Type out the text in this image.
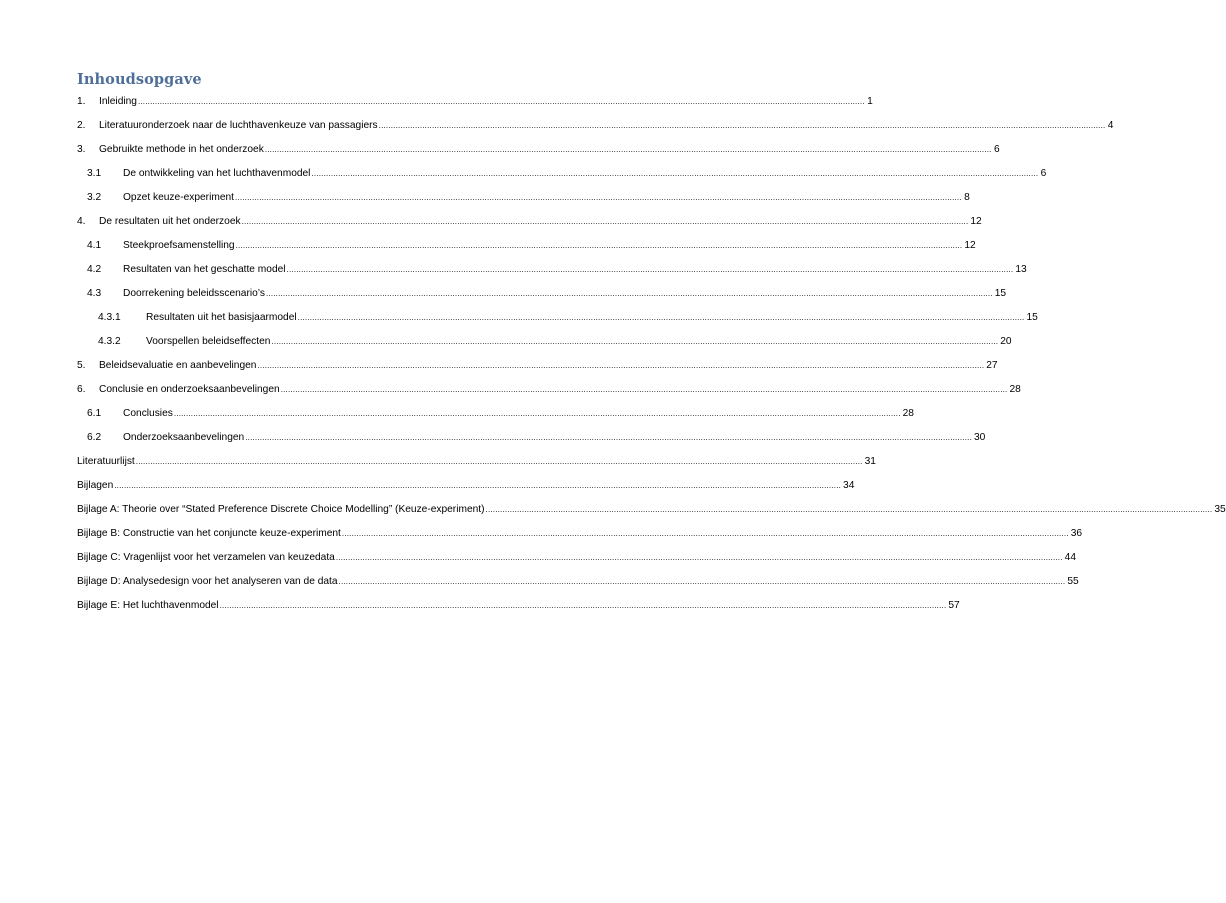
Inhoudsopgave
1.	Inleiding ............................................................................................................................................................................................................................................................................................................ 1
2.	Literatuuronderzoek naar de luchthavenkeuze van passagiers ............................................................................................................................................................................................................................................................................................................ 4
3.	Gebruikte methode in het onderzoek ............................................................................................................................................................................................................................................................................................................ 6
3.1	De ontwikkeling van het luchthavenmodel ............................................................................................................................................................................................................................................................................................................ 6
3.2	Opzet keuze-experiment ............................................................................................................................................................................................................................................................................................................ 8
4.	De resultaten uit het onderzoek ............................................................................................................................................................................................................................................................................................................ 12
4.1	Steekproefsamenstelling ............................................................................................................................................................................................................................................................................................................ 12
4.2	Resultaten van het geschatte model ............................................................................................................................................................................................................................................................................................................ 13
4.3	Doorrekening beleidsscenario’s ............................................................................................................................................................................................................................................................................................................ 15
4.3.1	Resultaten uit het basisjaarmodel ............................................................................................................................................................................................................................................................................................................ 15
4.3.2	Voorspellen beleidseffecten ............................................................................................................................................................................................................................................................................................................ 20
5.	Beleidsevaluatie en aanbevelingen ............................................................................................................................................................................................................................................................................................................ 27
6.	Conclusie en onderzoeksaanbevelingen ............................................................................................................................................................................................................................................................................................................ 28
6.1	Conclusies ............................................................................................................................................................................................................................................................................................................ 28
6.2	Onderzoeksaanbevelingen ............................................................................................................................................................................................................................................................................................................ 30
Literatuurlijst ............................................................................................................................................................................................................................................................................................................ 31
Bijlagen ............................................................................................................................................................................................................................................................................................................ 34
Bijlage A: Theorie over “Stated Preference Discrete Choice Modelling” (Keuze-experiment) ............................................................................................................................................................................................................................................................................................................ 35
Bijlage B: Constructie van het conjuncte keuze-experiment ............................................................................................................................................................................................................................................................................................................ 36
Bijlage C: Vragenlijst voor het verzamelen van keuzedata ............................................................................................................................................................................................................................................................................................................ 44
Bijlage D: Analysedesign voor het analyseren van de data ............................................................................................................................................................................................................................................................................................................ 55
Bijlage E: Het luchthavenmodel ............................................................................................................................................................................................................................................................................................................ 57
